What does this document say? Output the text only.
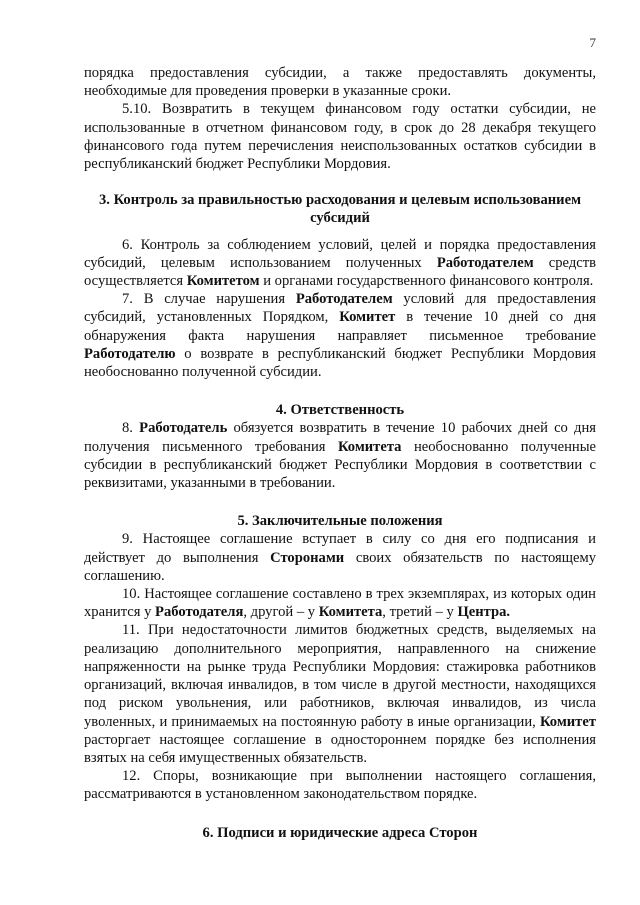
7

порядка предоставления субсидии, а также предоставлять документы, необходимые для проведения проверки в указанные сроки.

5.10. Возвратить в текущем финансовом году остатки субсидии, не использованные в отчетном финансовом году, в срок до 28 декабря текущего финансового года путем перечисления неиспользованных остатков субсидии в республиканский бюджет Республики Мордовия.

3. Контроль за правильностью расходования и целевым использованием субсидий

6. Контроль за соблюдением условий, целей и порядка предоставления субсидий, целевым использованием полученных Работодателем средств осуществляется Комитетом и органами государственного финансового контроля.

7. В случае нарушения Работодателем условий для предоставления субсидий, установленных Порядком, Комитет в течение 10 дней со дня обнаружения факта нарушения направляет письменное требование Работодателю о возврате в республиканский бюджет Республики Мордовия необоснованно полученной субсидии.

4. Ответственность

8. Работодатель обязуется возвратить в течение 10 рабочих дней со дня получения письменного требования Комитета необоснованно полученные субсидии в республиканский бюджет Республики Мордовия в соответствии с реквизитами, указанными в требовании.

5. Заключительные положения

9. Настоящее соглашение вступает в силу со дня его подписания и действует до выполнения Сторонами своих обязательств по настоящему соглашению.

10. Настоящее соглашение составлено в трех экземплярах, из которых один хранится у Работодателя, другой – у Комитета, третий – у Центра.

11. При недостаточности лимитов бюджетных средств, выделяемых на реализацию дополнительного мероприятия, направленного на снижение напряженности на рынке труда Республики Мордовия: стажировка работников организаций, включая инвалидов, в том числе в другой местности, находящихся под риском увольнения, или работников, включая инвалидов, из числа уволенных, и принимаемых на постоянную работу в иные организации, Комитет расторгает настоящее соглашение в одностороннем порядке без исполнения взятых на себя имущественных обязательств.

12. Споры, возникающие при выполнении настоящего соглашения, рассматриваются в установленном законодательством порядке.

6. Подписи и юридические адреса Сторон
